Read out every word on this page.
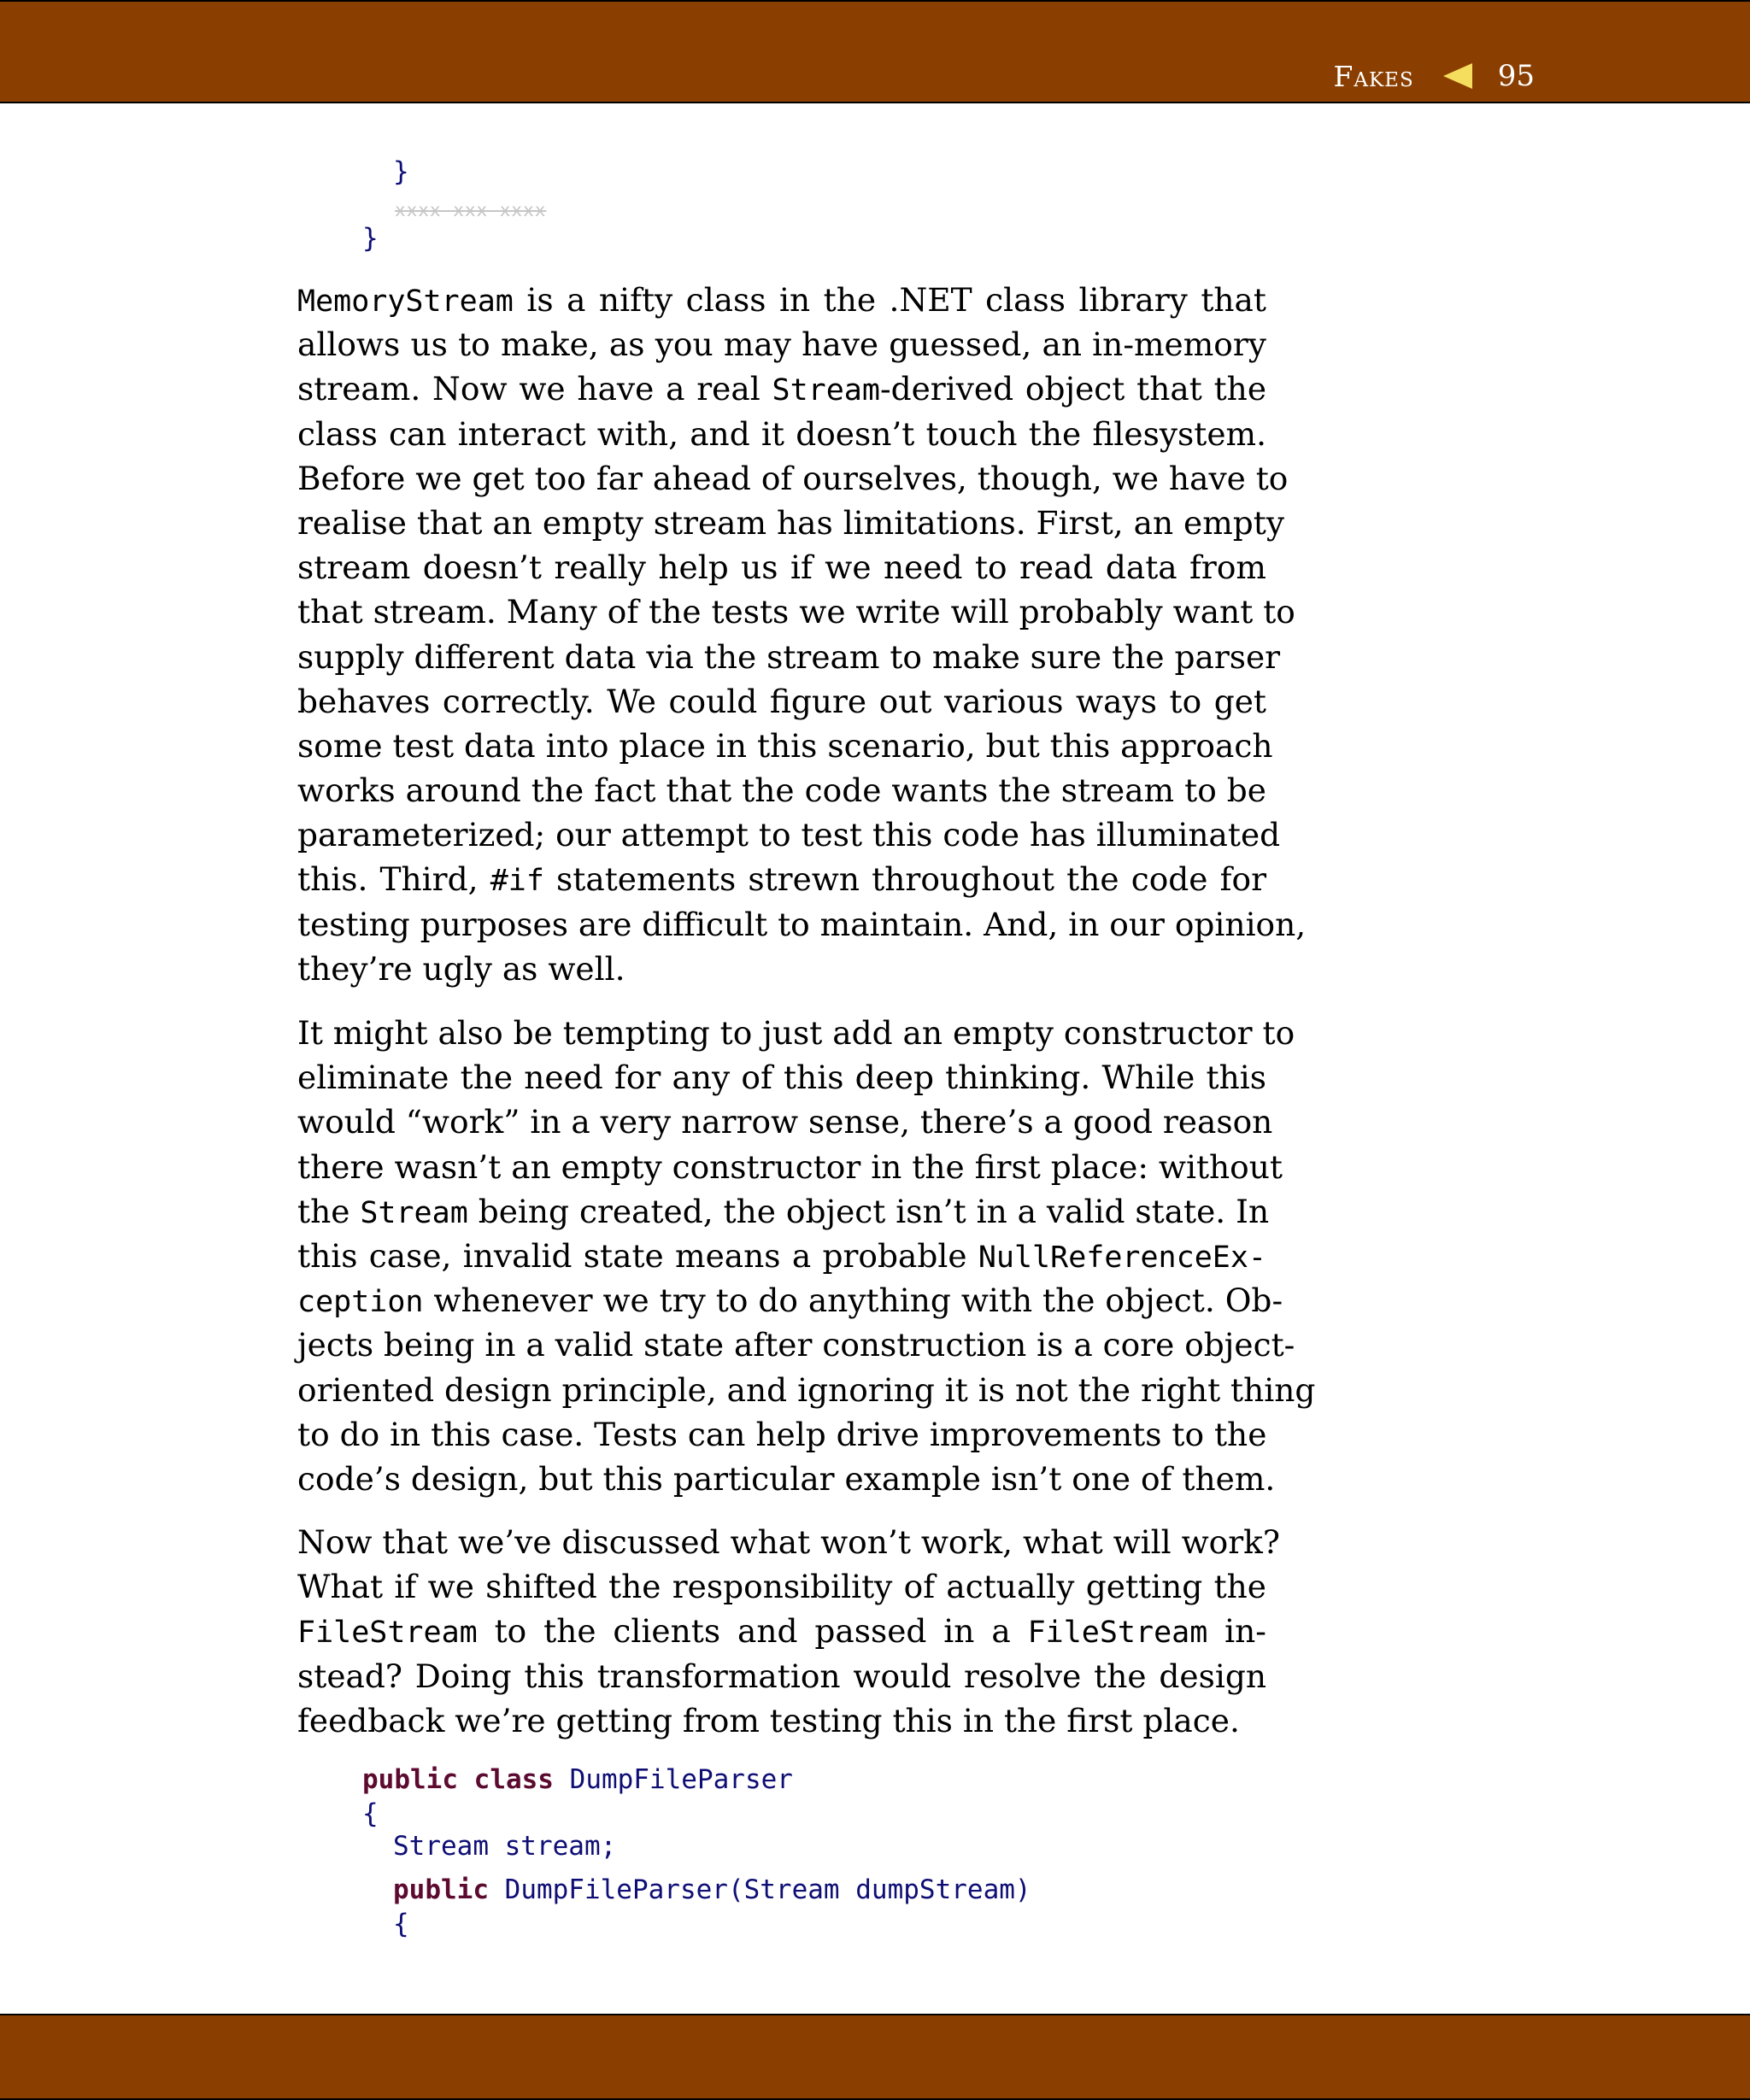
Fakes	95
}
xxxx xxx xxxx
}
MemoryStream is a nifty class in the .NET class library that
allows us to make, as you may have guessed, an in-memory
stream. Now we have a real Stream-derived object that the
class can interact with, and it doesn’t touch the filesystem.
Before we get too far ahead of ourselves, though, we have to
realise that an empty stream has limitations. First, an empty
stream doesn’t really help us if we need to read data from
that stream. Many of the tests we write will probably want to
supply different data via the stream to make sure the parser
behaves correctly. We could figure out various ways to get
some test data into place in this scenario, but this approach
works around the fact that the code wants the stream to be
parameterized; our attempt to test this code has illuminated
this. Third, #if statements strewn throughout the code for
testing purposes are difficult to maintain. And, in our opinion,
they’re ugly as well.
It might also be tempting to just add an empty constructor to
eliminate the need for any of this deep thinking. While this
would “work” in a very narrow sense, there’s a good reason
there wasn’t an empty constructor in the first place: without
the Stream being created, the object isn’t in a valid state. In
this case, invalid state means a probable NullReferenceEx-
ception whenever we try to do anything with the object. Ob-
jects being in a valid state after construction is a core object-
oriented design principle, and ignoring it is not the right thing
to do in this case. Tests can help drive improvements to the
code’s design, but this particular example isn’t one of them.
Now that we’ve discussed what won’t work, what will work?
What if we shifted the responsibility of actually getting the
FileStream to the clients and passed in a FileStream in-
stead? Doing this transformation would resolve the design
feedback we’re getting from testing this in the first place.
public class DumpFileParser
{
Stream stream;
public DumpFileParser(Stream dumpStream)
{
